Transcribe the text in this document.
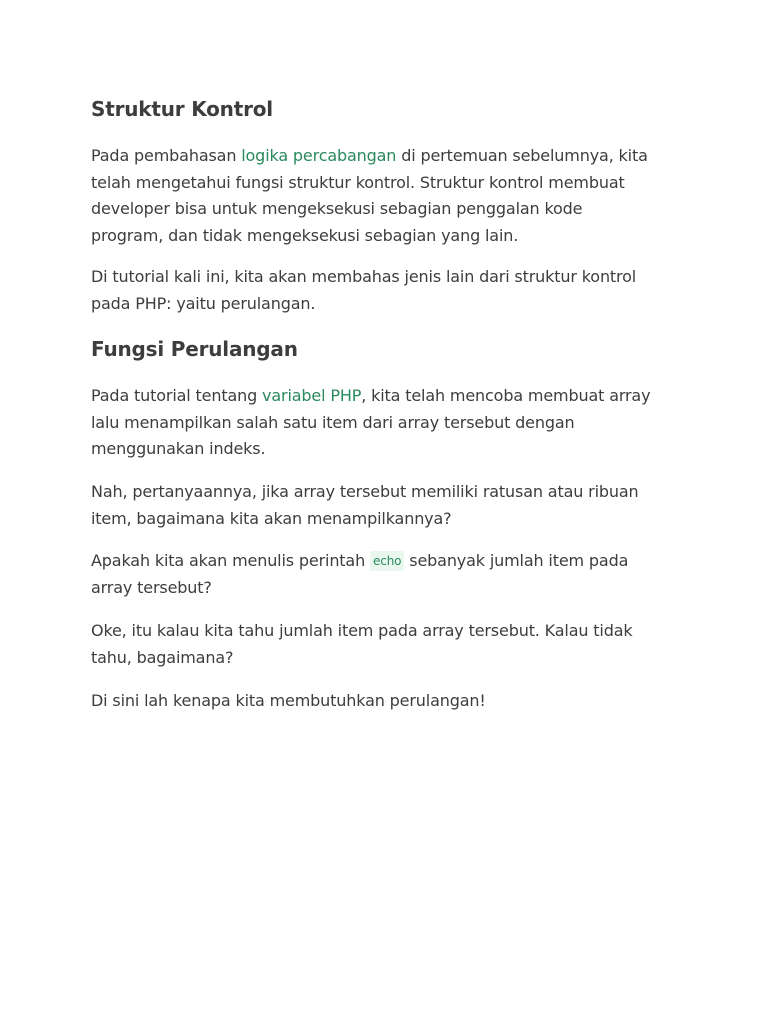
Struktur Kontrol

Pada pembahasan logika percabangan di pertemuan sebelumnya, kita
telah mengetahui fungsi struktur kontrol. Struktur kontrol membuat
developer bisa untuk mengeksekusi sebagian penggalan kode
program, dan tidak mengeksekusi sebagian yang lain.

Di tutorial kali ini, kita akan membahas jenis lain dari struktur kontrol
pada PHP: yaitu perulangan.

Fungsi Perulangan

Pada tutorial tentang variabel PHP, kita telah mencoba membuat array
lalu menampilkan salah satu item dari array tersebut dengan
menggunakan indeks.

Nah, pertanyaannya, jika array tersebut memiliki ratusan atau ribuan
item, bagaimana kita akan menampilkannya?

Apakah kita akan menulis perintah echo sebanyak jumlah item pada
array tersebut?

Oke, itu kalau kita tahu jumlah item pada array tersebut. Kalau tidak
tahu, bagaimana?

Di sini lah kenapa kita membutuhkan perulangan!
